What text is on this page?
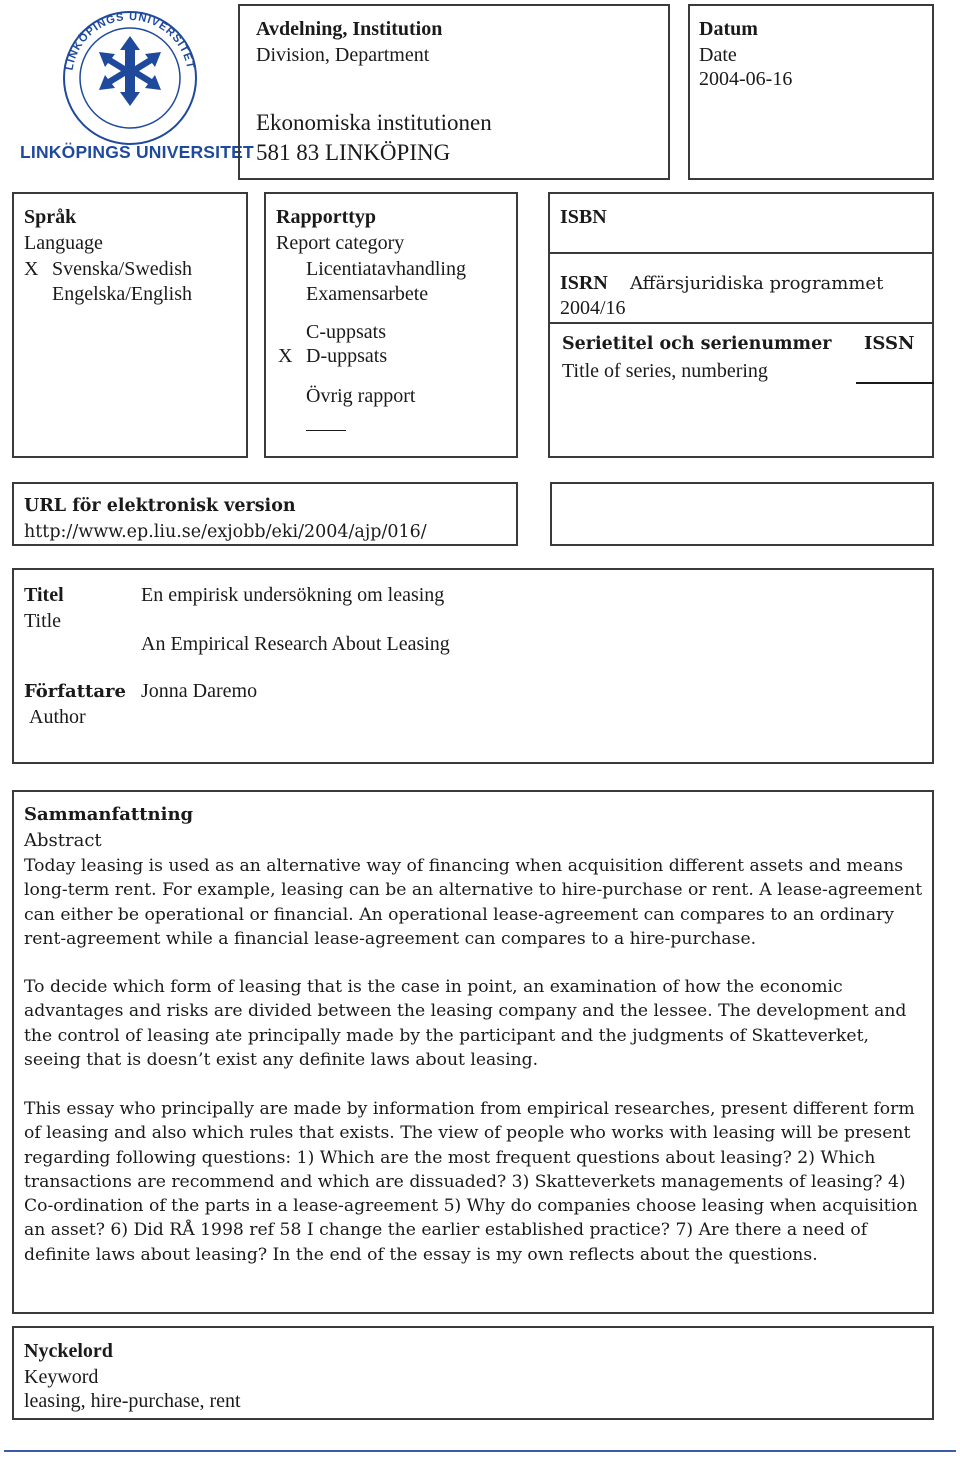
LINKÖPINGS UNIVERSITET
LINKÖPINGS UNIVERSITET
Avdelning, Institution
Division, Department
Ekonomiska institutionen
581 83 LINKÖPING
Datum
Date
2004-06-16
Språk
Language
X Svenska/Swedish
Engelska/English
Rapporttyp
Report category
Licentiatavhandling
Examensarbete
C-uppsats
X D-uppsats
Övrig rapport
ISBN
ISRN Affärsjuridiska programmet
2004/16
Serietitel och serienummer
Title of series, numbering
ISSN
URL för elektronisk version
http://www.ep.liu.se/exjobb/eki/2004/ajp/016/
Titel
Title
En empirisk undersökning om leasing
An Empirical Research About Leasing
Författare
Author
Jonna Daremo
Sammanfattning
Abstract
Today leasing is used as an alternative way of financing when acquisition different assets and means long-term rent. For example, leasing can be an alternative to hire-purchase or rent. A lease-agreement can either be operational or financial. An operational lease-agreement can compares to an ordinary rent-agreement while a financial lease-agreement can compares to a hire-purchase.
To decide which form of leasing that is the case in point, an examination of how the economic advantages and risks are divided between the leasing company and the lessee. The development and the control of leasing ate principally made by the participant and the judgments of Skatteverket, seeing that is doesn’t exist any definite laws about leasing.
This essay who principally are made by information from empirical researches, present different form of leasing and also which rules that exists. The view of people who works with leasing will be present regarding following questions: 1) Which are the most frequent questions about leasing? 2) Which transactions are recommend and which are dissuaded? 3) Skatteverkets managements of leasing? 4) Co-ordination of the parts in a lease-agreement 5) Why do companies choose leasing when acquisition an asset? 6) Did RÅ 1998 ref 58 I change the earlier established practice? 7) Are there a need of definite laws about leasing? In the end of the essay is my own reflects about the questions.
Nyckelord
Keyword
leasing, hire-purchase, rent
